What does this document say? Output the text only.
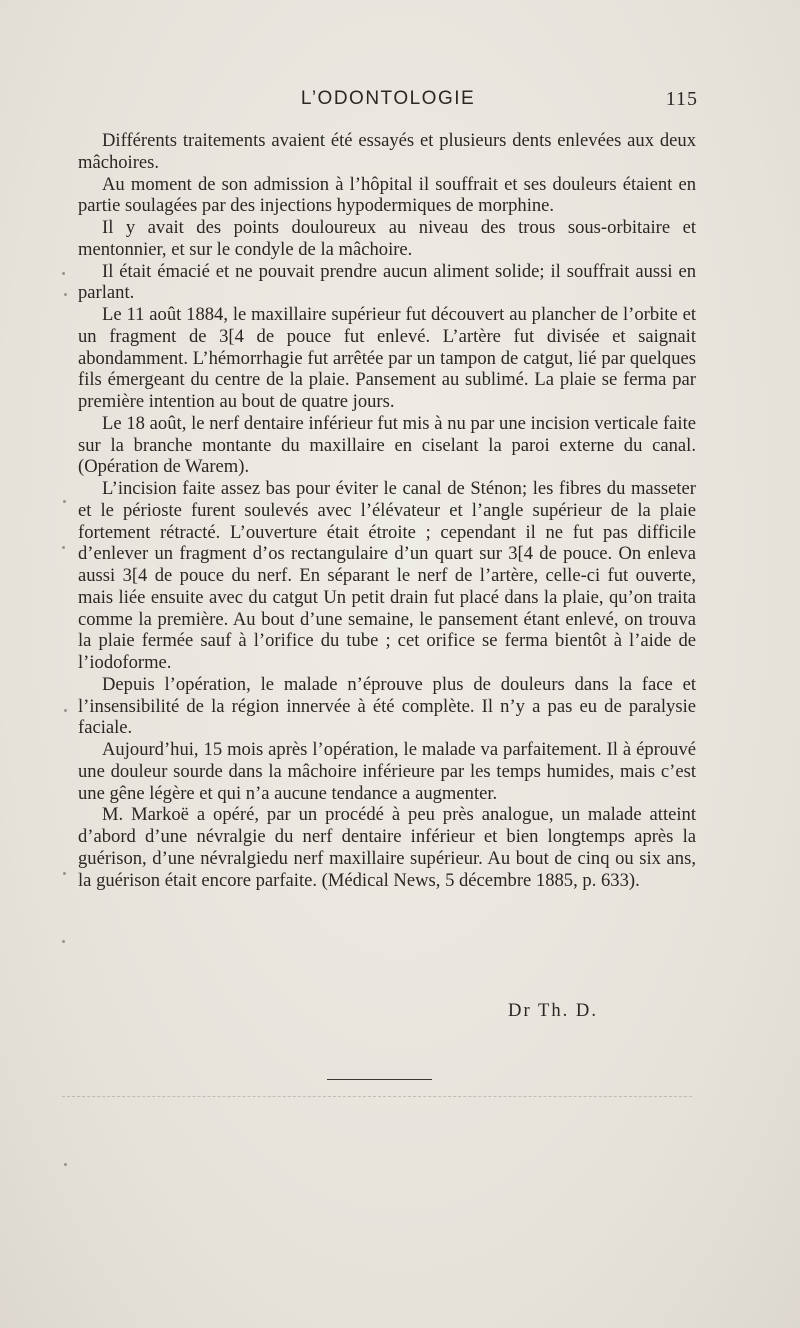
L’ODONTOLOGIE	115

Différents traitements avaient été essayés et plusieurs dents enlevées aux deux mâchoires.

Au moment de son admission à l’hôpital il souffrait et ses douleurs étaient en partie soulagées par des injections hypodermiques de morphine.

Il y avait des points douloureux au niveau des trous sous-orbitaire et mentonnier, et sur le condyle de la mâchoire.

Il était émacié et ne pouvait prendre aucun aliment solide; il souffrait aussi en parlant.

Le 11 août 1884, le maxillaire supérieur fut découvert au plancher de l’orbite et un fragment de 3[4 de pouce fut enlevé. L’artère fut divisée et saignait abondamment. L’hémorrhagie fut arrêtée par un tampon de catgut, lié par quelques fils émergeant du centre de la plaie. Pansement au sublimé. La plaie se ferma par première intention au bout de quatre jours.

Le 18 août, le nerf dentaire inférieur fut mis à nu par une incision verticale faite sur la branche montante du maxillaire en ciselant la paroi externe du canal. (Opération de Warem).

L’incision faite assez bas pour éviter le canal de Sténon; les fibres du masseter et le périoste furent soulevés avec l’élévateur et l’angle supérieur de la plaie fortement rétracté. L’ouverture était étroite ; cependant il ne fut pas difficile d’enlever un fragment d’os rectangulaire d’un quart sur 3[4 de pouce. On enleva aussi 3[4 de pouce du nerf. En séparant le nerf de l’artère, celle-ci fut ouverte, mais liée ensuite avec du catgut Un petit drain fut placé dans la plaie, qu’on traita comme la première. Au bout d’une semaine, le pansement étant enlevé, on trouva la plaie fermée sauf à l’orifice du tube ; cet orifice se ferma bientôt à l’aide de l’iodoforme.

Depuis l’opération, le malade n’éprouve plus de douleurs dans la face et l’insensibilité de la région innervée à été complète. Il n’y a pas eu de paralysie faciale.

Aujourd’hui, 15 mois après l’opération, le malade va parfaitement. Il à éprouvé une douleur sourde dans la mâchoire inférieure par les temps humides, mais c’est une gêne légère et qui n’a aucune tendance a augmenter.

M. Markoë a opéré, par un procédé à peu près analogue, un malade atteint d’abord d’une névralgie du nerf dentaire inférieur et bien longtemps après la guérison, d’une névralgiedu nerf maxillaire supérieur. Au bout de cinq ou six ans, la guérison était encore parfaite. (Médical News, 5 décembre 1885, p. 633).

Dr Th. D.
